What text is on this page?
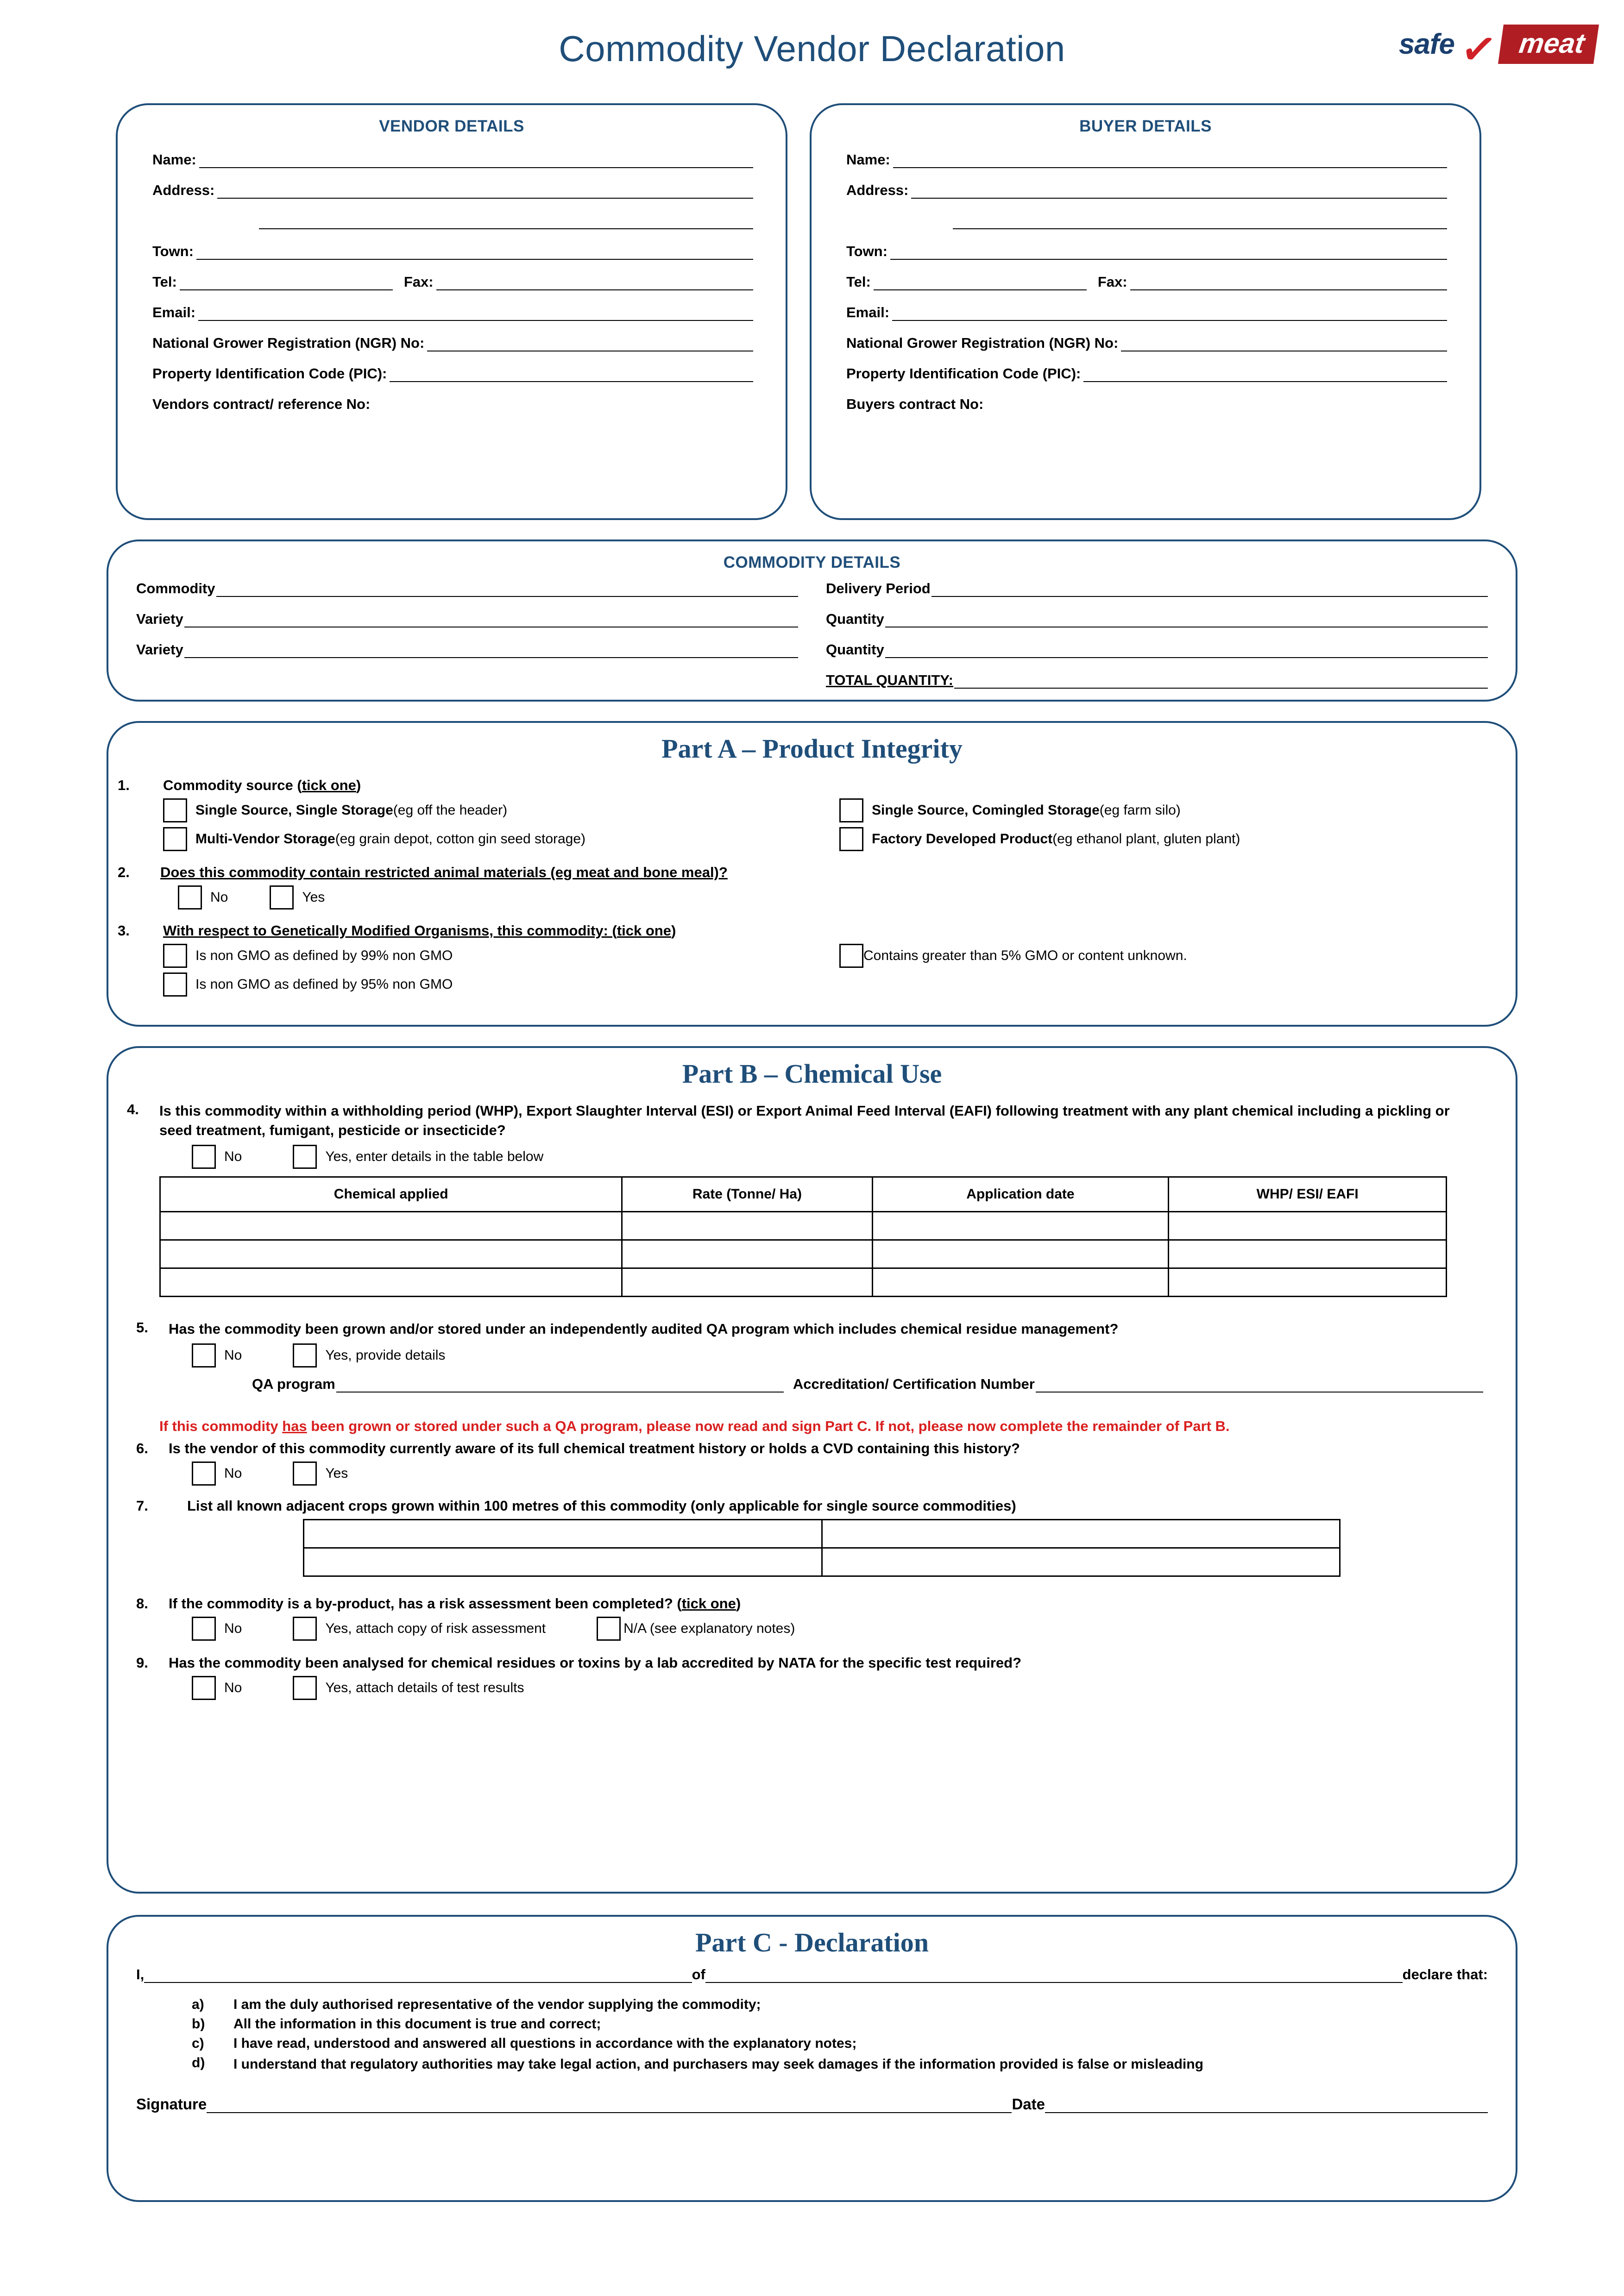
Commodity Vendor Declaration	safe ✓ meat
VENDOR DETAILS
Name:
Address:
Town:
Tel:	Fax:
Email:
National Grower Registration (NGR) No:
Property Identification Code (PIC):
Vendors contract/ reference No:
BUYER DETAILS
Name:
Address:
Town:
Tel:	Fax:
Email:
National Grower Registration (NGR) No:
Property Identification Code (PIC):
Buyers contract No:
COMMODITY DETAILS
Commodity
Variety
Variety
Delivery Period
Quantity
Quantity
TOTAL QUANTITY:
Part A – Product Integrity
1.	Commodity source (tick one)
Single Source, Single Storage (eg off the header)
Multi-Vendor Storage (eg grain depot, cotton gin seed storage)
Single Source, Comingled Storage (eg farm silo)
Factory Developed Product (eg ethanol plant, gluten plant)
2.	Does this commodity contain restricted animal materials (eg meat and bone meal)?
No	Yes
3.	With respect to Genetically Modified Organisms, this commodity: (tick one)
Is non GMO as defined by 99% non GMO
Is non GMO as defined by 95% non GMO
Contains greater than 5% GMO or content unknown.
Part B – Chemical Use
4.	Is this commodity within a withholding period (WHP), Export Slaughter Interval (ESI) or Export Animal Feed Interval (EAFI) following treatment with any plant chemical including a pickling or seed treatment, fumigant, pesticide or insecticide?
No	Yes, enter details in the table below
Chemical applied	Rate (Tonne/ Ha)	Application date	WHP/ ESI/ EAFI

5.	Has the commodity been grown and/or stored under an independently audited QA program which includes chemical residue management?
No	Yes, provide details
QA program	Accreditation/ Certification Number
If this commodity has been grown or stored under such a QA program, please now read and sign Part C. If not, please now complete the remainder of Part B.
6.	Is the vendor of this commodity currently aware of its full chemical treatment history or holds a CVD containing this history?
No	Yes
7.	List all known adjacent crops grown within 100 metres of this commodity (only applicable for single source commodities)

8.	If the commodity is a by-product, has a risk assessment been completed? (tick one)
No	Yes, attach copy of risk assessment	N/A (see explanatory notes)
9.	Has the commodity been analysed for chemical residues or toxins by a lab accredited by NATA for the specific test required?
No	Yes, attach details of test results
Part C - Declaration
I,	of	declare that:
a)	I am the duly authorised representative of the vendor supplying the commodity;
b)	All the information in this document is true and correct;
c)	I have read, understood and answered all questions in accordance with the explanatory notes;
d)	I understand that regulatory authorities may take legal action, and purchasers may seek damages if the information provided is false or misleading
Signature	Date
